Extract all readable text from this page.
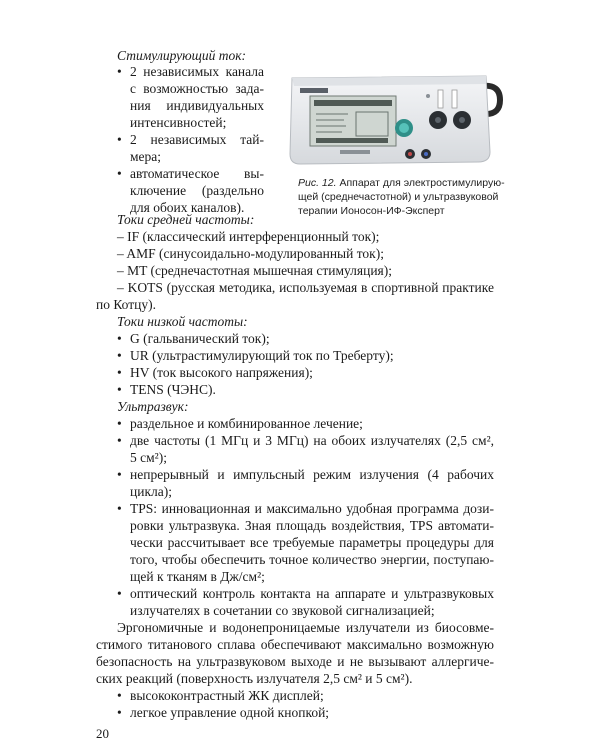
Стимулирующий ток:
• 2 независимых канала
с возможностью зада-
ния индивидуальных
интенсивностей;
• 2 независимых тай-
мера;
• автоматическое вы-
ключение (раздельно
для обоих каналов).
Рис. 12. Аппарат для электростимулирую-
щей (среднечастотной) и ультразвуковой
терапии Ионосон-ИФ-Эксперт
Токи средней частоты:
– IF (классический интерференционный ток);
– AMF (синусоидально-модулированный ток);
– MT (среднечастотная мышечная стимуляция);
– KOTS (русская методика, используемая в спортивной практике
по Котцу).
Токи низкой частоты:
• G (гальванический ток);
• UR (ультрастимулирующий ток по Треберту);
• HV (ток высокого напряжения);
• TENS (ЧЭНС).
Ультразвук:
• раздельное и комбинированное лечение;
• две частоты (1 МГц и 3 МГц) на обоих излучателях (2,5 см²,
5 см²);
• непрерывный и импульсный режим излучения (4 рабочих
цикла);
• TPS: инновационная и максимально удобная программа дози-
ровки ультразвука. Зная площадь воздействия, TPS автомати-
чески рассчитывает все требуемые параметры процедуры для
того, чтобы обеспечить точное количество энергии, поступаю-
щей к тканям в Дж/см²;
• оптический контроль контакта на аппарате и ультразвуковых
излучателях в сочетании со звуковой сигнализацией;
Эргономичные и водонепроницаемые излучатели из биосовме-
стимого титанового сплава обеспечивают максимально возможную
безопасность на ультразвуковом выходе и не вызывают аллергиче-
ских реакций (поверхность излучателя 2,5 см² и 5 см²).
• высококонтрастный ЖК дисплей;
• легкое управление одной кнопкой;
20
